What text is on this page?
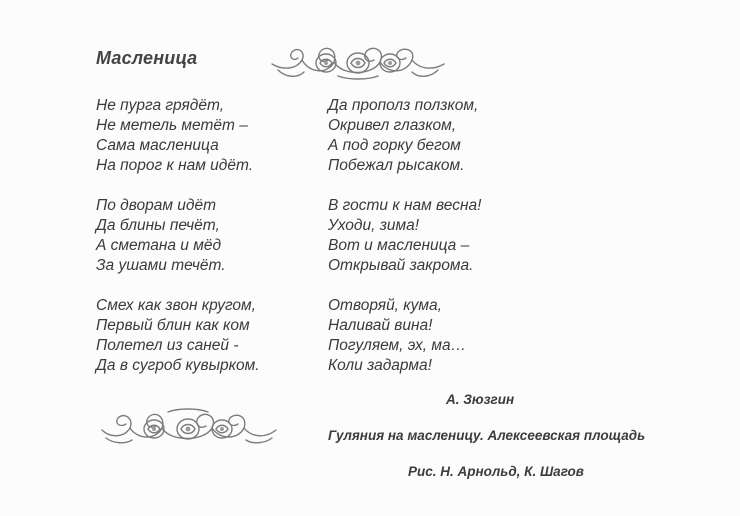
Масленица
Не пурга грядёт,
Не метель метёт –
Сама масленица
На порог к нам идёт.
По дворам идёт
Да блины печёт,
А сметана и мёд
За ушами течёт.
Смех как звон кругом,
Первый блин как ком
Полетел из саней -
Да в сугроб кувырком.
Да прополз ползком,
Окривел глазком,
А под горку бегом
Побежал рысаком.
В гости к нам весна!
Уходи, зима!
Вот и масленица –
Открывай закрома.
Отворяй, кума,
Наливай вина!
Погуляем, эх, ма…
Коли задарма!
А. Зюзгин
Гуляния на масленицу. Алексеевская площадь
Рис. Н. Арнольд, К. Шагов
